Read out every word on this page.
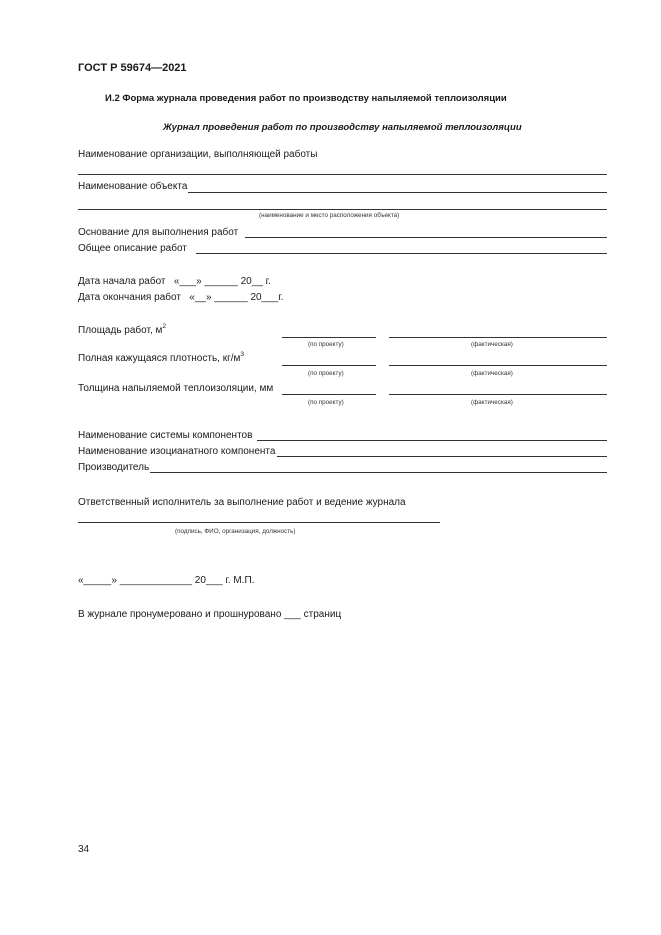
ГОСТ Р 59674—2021
И.2 Форма журнала проведения работ по производству напыляемой теплоизоляции
Журнал проведения работ по производству напыляемой теплоизоляции
Наименование организации, выполняющей работы
Наименование объекта
(наименование и место расположения объекта)
Основание для выполнения работ
Общее описание работ
Дата начала работ «___» ______ 20__ г.
Дата окончания работ «__» ______ 20___г.
Площадь работ, $м^2$
(по проекту)	(фактическая)
Полная кажущаяся плотность, $кг/м^3$
(по проекту)	(фактическая)
Толщина напыляемой теплоизоляции, мм
(по проекту)	(фактическая)
Наименование системы компонентов
Наименование изоцианатного компонента
Производитель
Ответственный исполнитель за выполнение работ и ведение журнала
(подпись, ФИО, организация, должность)
«_____» _____________ 20___ г. М.П.
В журнале пронумеровано и прошнуровано ___ страниц
34
